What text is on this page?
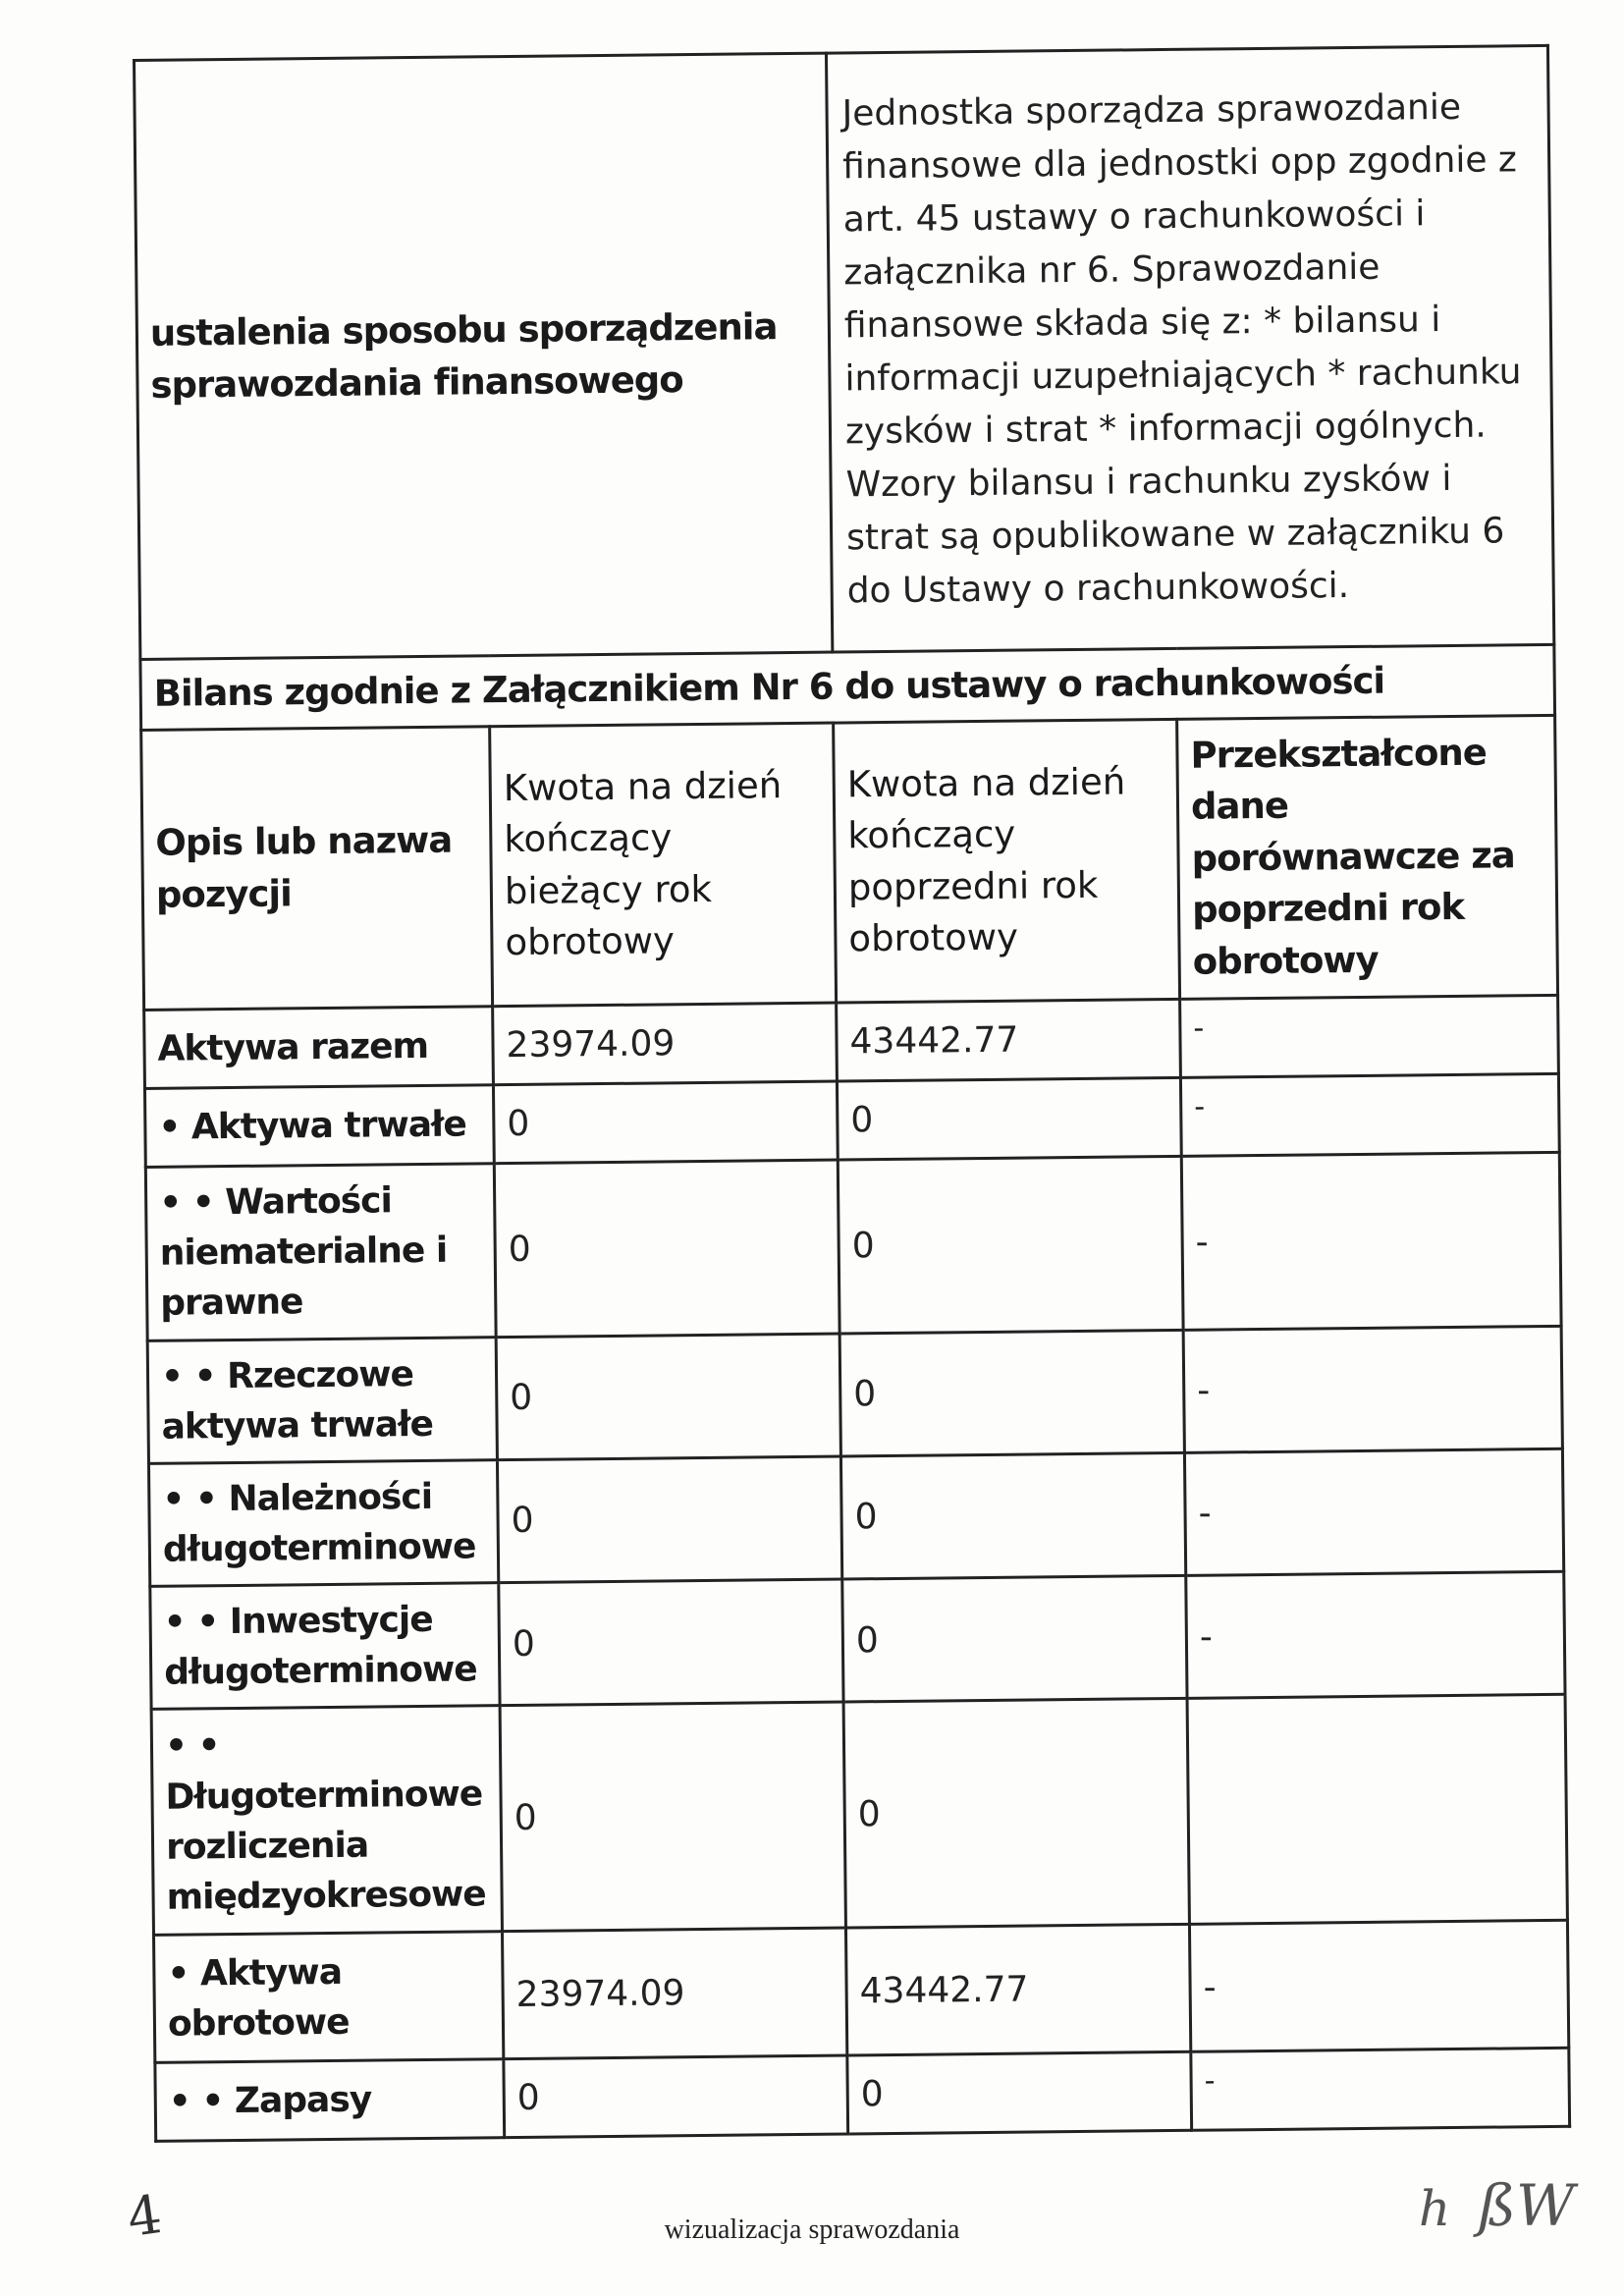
ustalenia sposobu sporządzenia sprawozdania finansowego		Jednostka sporządza sprawozdanie finansowe dla jednostki opp zgodnie z art. 45 ustawy o rachunkowości i załącznika nr 6. Sprawozdanie finansowe składa się z: * bilansu i informacji uzupełniających * rachunku zysków i strat * informacji ogólnych. Wzory bilansu i rachunku zysków i strat są opublikowane w załączniku 6 do Ustawy o rachunkowości.	
Bilans zgodnie z Załącznikiem Nr 6 do ustawy o rachunkowości			
Opis lub nazwa pozycji	Kwota na dzień kończący bieżący rok obrotowy	Kwota na dzień kończący poprzedni rok obrotowy	Przekształcone dane porównawcze za poprzedni rok obrotowy
Aktywa razem	23974.09	43442.77	-
• Aktywa trwałe	0	0	-
• • Wartości niematerialne i prawne	0	0	-
• • Rzeczowe aktywa trwałe	0	0	-
• • Należności długoterminowe	0	0	-
• • Inwestycje długoterminowe	0	0	-
• • Długoterminowe rozliczenia międzyokresowe	0	0	
• Aktywa obrotowe	23974.09	43442.77	-
• • Zapasy	0	0	-
4	wizualizacja sprawozdania	h ßW
